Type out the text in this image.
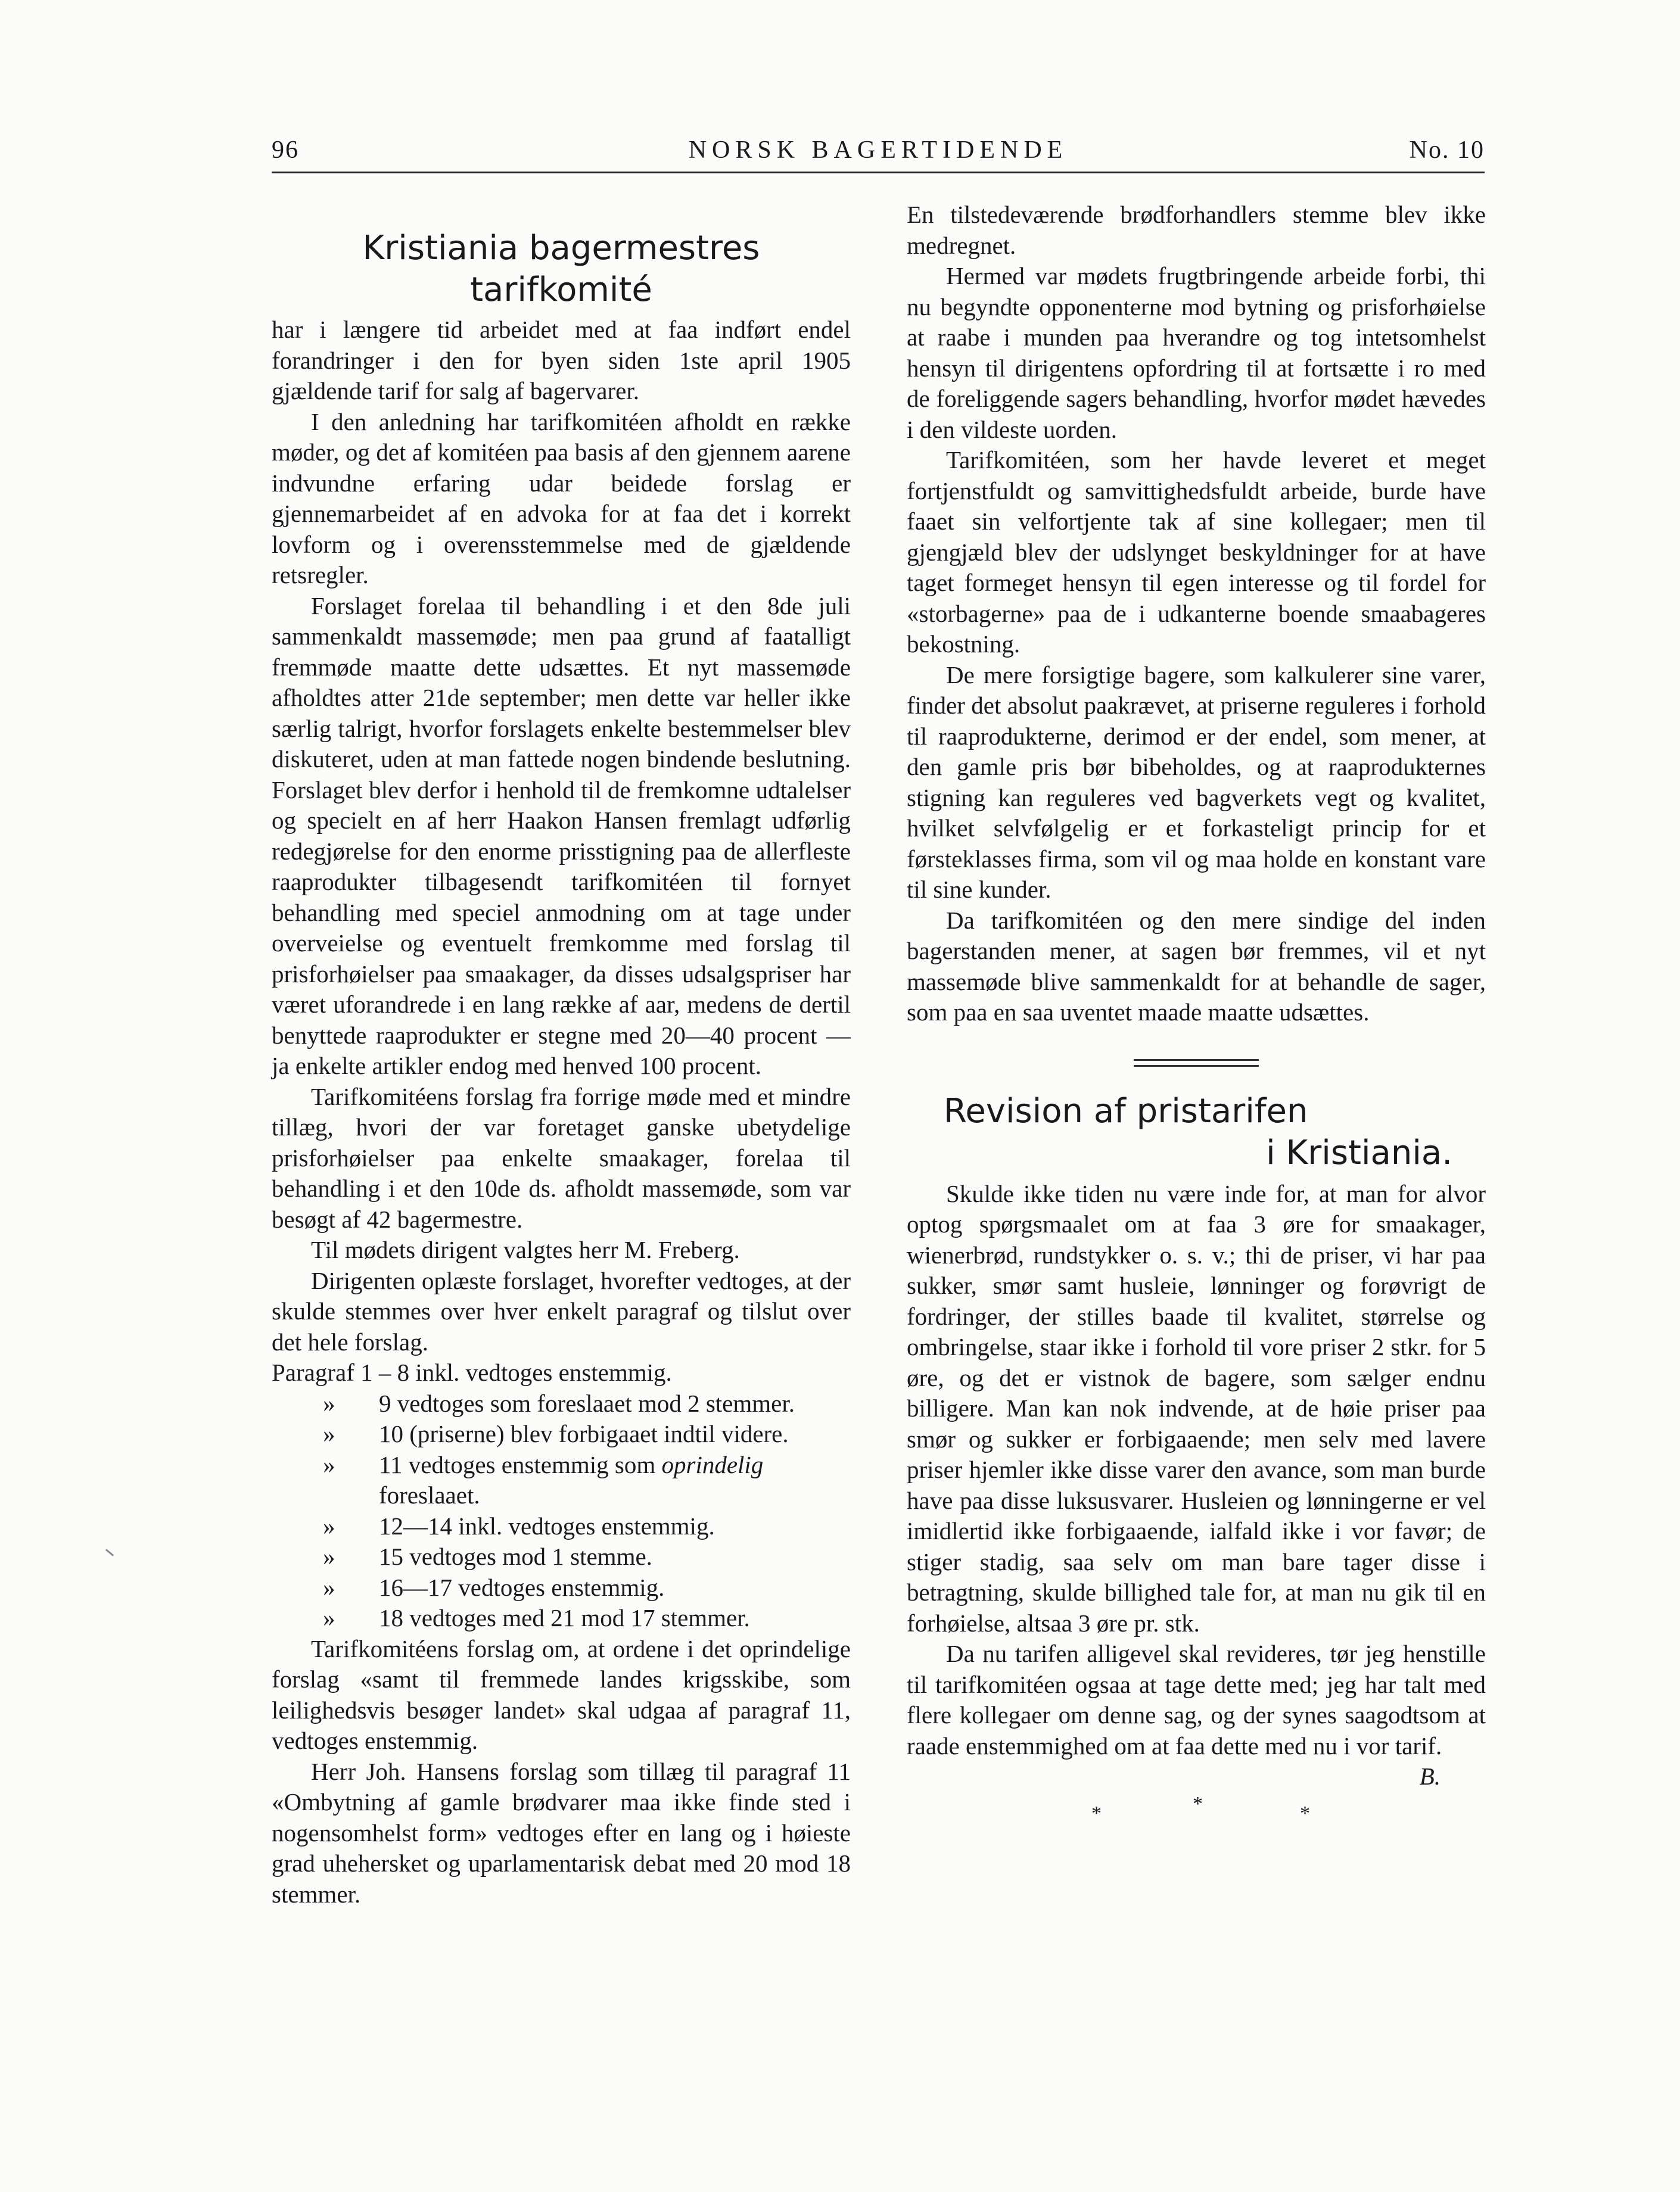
96	NORSK BAGERTIDENDE	No. 10
Kristiania bagermestres
tarifkomité

har i længere tid arbeidet med at faa indført endel forandringer i den for byen siden 1ste april 1905 gjældende tarif for salg af bagervarer.

I den anledning har tarifkomitéen afholdt en række møder, og det af komitéen paa basis af den gjennem aarene indvundne erfaring udar beidede forslag er gjennemarbeidet af en advoka for at faa det i korrekt lovform og i overensstemmelse med de gjældende retsregler.

Forslaget forelaa til behandling i et den 8de juli sammenkaldt massemøde; men paa grund af faatalligt fremmøde maatte dette udsættes. Et nyt massemøde afholdtes atter 21de september; men dette var heller ikke særlig talrigt, hvorfor forslagets enkelte bestemmelser blev diskuteret, uden at man fattede nogen bindende beslutning. Forslaget blev derfor i henhold til de fremkomne udtalelser og specielt en af herr Haakon Hansen fremlagt udførlig redegjørelse for den enorme prisstigning paa de allerfleste raaprodukter tilbagesendt tarifkomitéen til fornyet behandling med speciel anmodning om at tage under overveielse og eventuelt fremkomme med forslag til prisforhøielser paa smaakager, da disses udsalgspriser har været uforandrede i en lang række af aar, medens de dertil benyttede raaprodukter er stegne med 20—40 procent — ja enkelte artikler endog med henved 100 procent.

Tarifkomitéens forslag fra forrige møde med et mindre tillæg, hvori der var foretaget ganske ubetydelige prisforhøielser paa enkelte smaakager, forelaa til behandling i et den 10de ds. afholdt massemøde, som var besøgt af 42 bagermestre.

Til mødets dirigent valgtes herr M. Freberg.

Dirigenten oplæste forslaget, hvorefter vedtoges, at der skulde stemmes over hver enkelt paragraf og tilslut over det hele forslag.

Paragraf 1 – 8 inkl. vedtoges enstemmig.
» 9 vedtoges som foreslaaet mod 2 stemmer.
» 10 (priserne) blev forbigaaet indtil videre.
» 11 vedtoges enstemmig som oprindelig
foreslaaet.
» 12—14 inkl. vedtoges enstemmig.
» 15 vedtoges mod 1 stemme.
» 16—17 vedtoges enstemmig.
» 18 vedtoges med 21 mod 17 stemmer.

Tarifkomitéens forslag om, at ordene i det oprindelige forslag «samt til fremmede landes krigsskibe, som leilighedsvis besøger landet» skal udgaa af paragraf 11, vedtoges enstemmig.

Herr Joh. Hansens forslag som tillæg til paragraf 11 «Ombytning af gamle brødvarer maa ikke finde sted i nogensomhelst form» vedtoges efter en lang og i høieste grad uhehersket og uparlamentarisk debat med 20 mod 18 stemmer.

En tilstedeværende brødforhandlers stemme blev ikke medregnet.

Hermed var mødets frugtbringende arbeide forbi, thi nu begyndte opponenterne mod bytning og prisforhøielse at raabe i munden paa hverandre og tog intetsomhelst hensyn til dirigentens opfordring til at fortsætte i ro med de foreliggende sagers behandling, hvorfor mødet hævedes i den vildeste uorden.

Tarifkomitéen, som her havde leveret et meget fortjenstfuldt og samvittighedsfuldt arbeide, burde have faaet sin velfortjente tak af sine kollegaer; men til gjengjæld blev der udslynget beskyldninger for at have taget formeget hensyn til egen interesse og til fordel for «storbagerne» paa de i udkanterne boende smaabageres bekostning.

De mere forsigtige bagere, som kalkulerer sine varer, finder det absolut paakrævet, at priserne reguleres i forhold til raaprodukterne, derimod er der endel, som mener, at den gamle pris bør bibeholdes, og at raaprodukternes stigning kan reguleres ved bagverkets vegt og kvalitet, hvilket selvfølgelig er et forkasteligt princip for et førsteklasses firma, som vil og maa holde en konstant vare til sine kunder.

Da tarifkomitéen og den mere sindige del inden bagerstanden mener, at sagen bør fremmes, vil et nyt massemøde blive sammenkaldt for at behandle de sager, som paa en saa uventet maade maatte udsættes.

Revision af pristarifen
i Kristiania.

Skulde ikke tiden nu være inde for, at man for alvor optog spørgsmaalet om at faa 3 øre for smaakager, wienerbrød, rundstykker o. s. v.; thi de priser, vi har paa sukker, smør samt husleie, lønninger og forøvrigt de fordringer, der stilles baade til kvalitet, størrelse og ombringelse, staar ikke i forhold til vore priser 2 stkr. for 5 øre, og det er vistnok de bagere, som sælger endnu billigere. Man kan nok indvende, at de høie priser paa smør og sukker er forbigaaende; men selv med lavere priser hjemler ikke disse varer den avance, som man burde have paa disse luksusvarer. Husleien og lønningerne er vel imidlertid ikke forbigaaende, ialfald ikke i vor favør; de stiger stadig, saa selv om man bare tager disse i betragtning, skulde billighed tale for, at man nu gik til en forhøielse, altsaa 3 øre pr. stk.

Da nu tarifen alligevel skal revideres, tør jeg henstille til tarifkomitéen ogsaa at tage dette med; jeg har talt med flere kollegaer om denne sag, og der synes saagodtsom at raade enstemmighed om at faa dette med nu i vor tarif.

B.
*	*	*
